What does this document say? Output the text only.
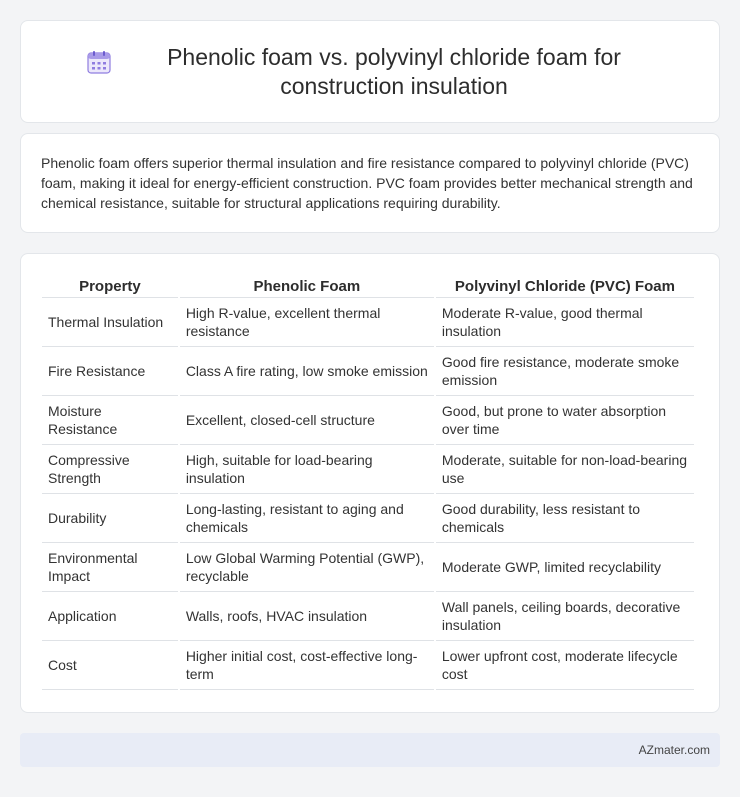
Phenolic foam vs. polyvinyl chloride foam for construction insulation

Phenolic foam offers superior thermal insulation and fire resistance compared to polyvinyl chloride (PVC) foam, making it ideal for energy-efficient construction. PVC foam provides better mechanical strength and chemical resistance, suitable for structural applications requiring durability.

Property	Phenolic Foam	Polyvinyl Chloride (PVC) Foam
Thermal Insulation	High R-value, excellent thermal resistance	Moderate R-value, good thermal insulation
Fire Resistance	Class A fire rating, low smoke emission	Good fire resistance, moderate smoke emission
Moisture Resistance	Excellent, closed-cell structure	Good, but prone to water absorption over time
Compressive Strength	High, suitable for load-bearing insulation	Moderate, suitable for non-load-bearing use
Durability	Long-lasting, resistant to aging and chemicals	Good durability, less resistant to chemicals
Environmental Impact	Low Global Warming Potential (GWP), recyclable	Moderate GWP, limited recyclability
Application	Walls, roofs, HVAC insulation	Wall panels, ceiling boards, decorative insulation
Cost	Higher initial cost, cost-effective long-term	Lower upfront cost, moderate lifecycle cost
AZmater.com
